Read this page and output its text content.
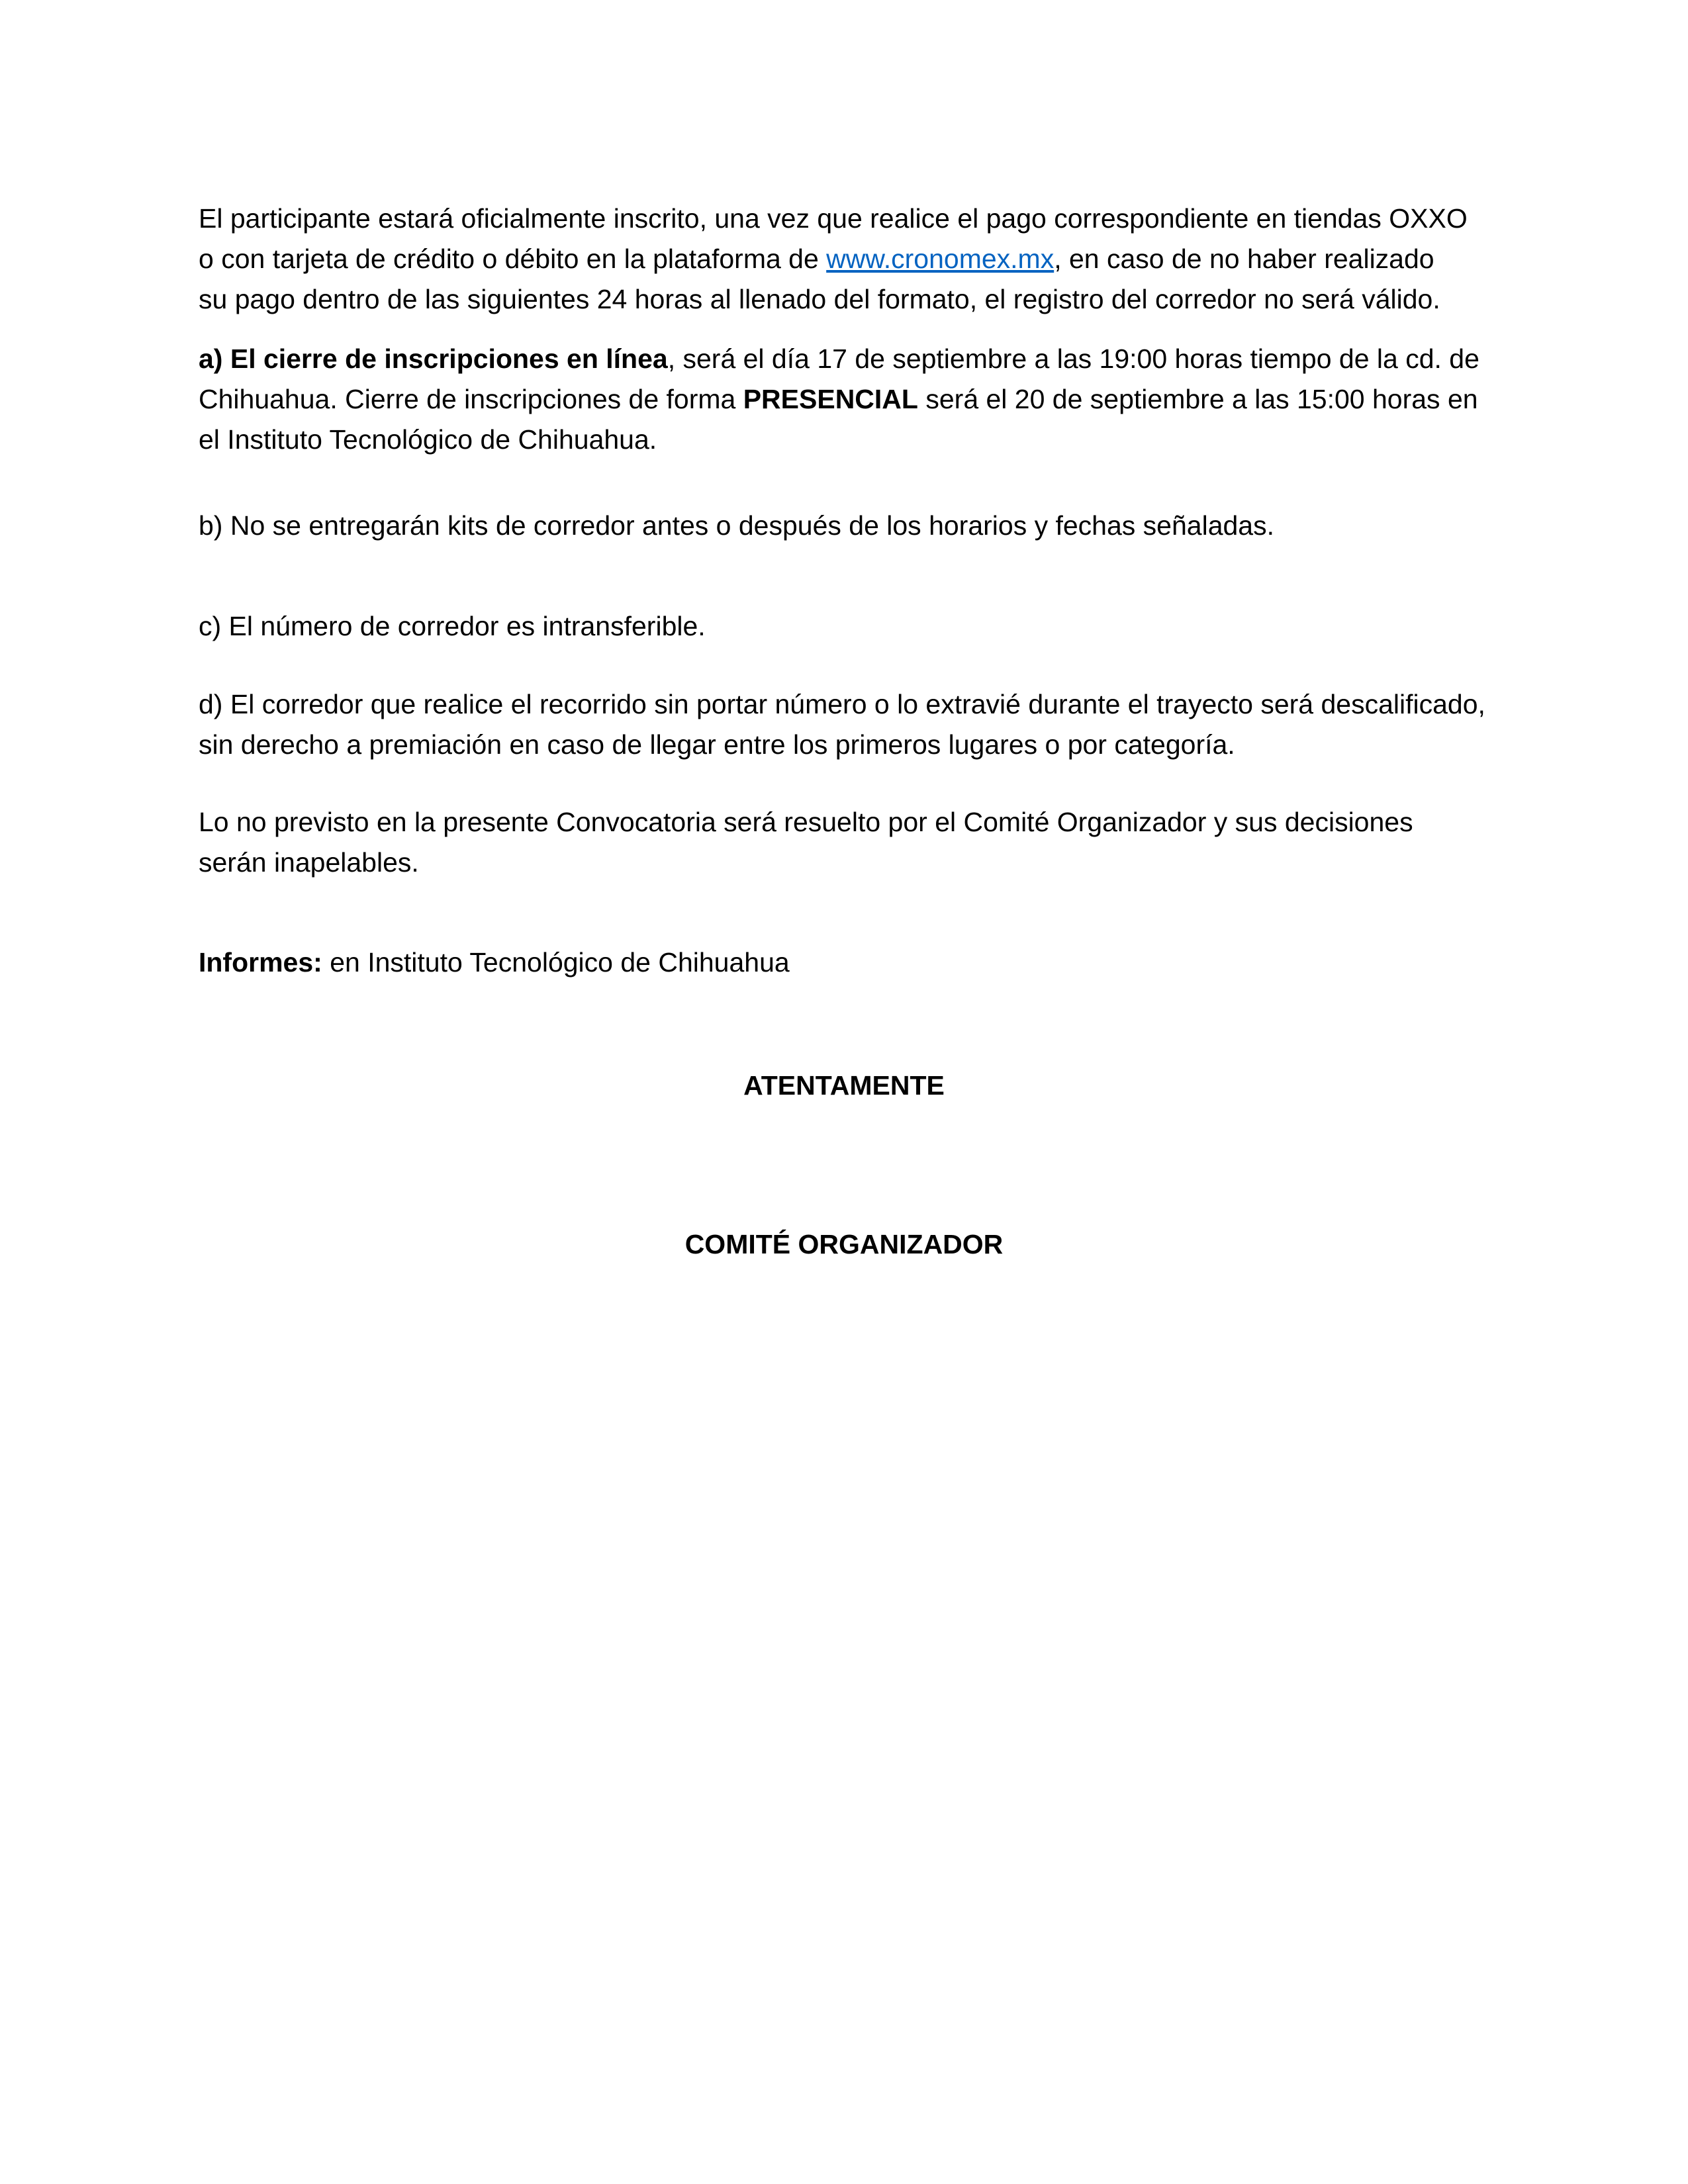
El participante estará oficialmente inscrito, una vez que realice el pago correspondiente en tiendas OXXO
o con tarjeta de crédito o débito en la plataforma de www.cronomex.mx, en caso de no haber realizado
su pago dentro de las siguientes 24 horas al llenado del formato, el registro del corredor no será válido.

a) El cierre de inscripciones en línea, será el día 17 de septiembre a las 19:00 horas tiempo de la cd. de
Chihuahua. Cierre de inscripciones de forma PRESENCIAL será el 20 de septiembre a las 15:00 horas en
el Instituto Tecnológico de Chihuahua.

b) No se entregarán kits de corredor antes o después de los horarios y fechas señaladas.

c) El número de corredor es intransferible.

d) El corredor que realice el recorrido sin portar número o lo extravié durante el trayecto será descalificado,
sin derecho a premiación en caso de llegar entre los primeros lugares o por categoría.

Lo no previsto en la presente Convocatoria será resuelto por el Comité Organizador y sus decisiones
serán inapelables.

Informes: en Instituto Tecnológico de Chihuahua

ATENTAMENTE
COMITÉ ORGANIZADOR
